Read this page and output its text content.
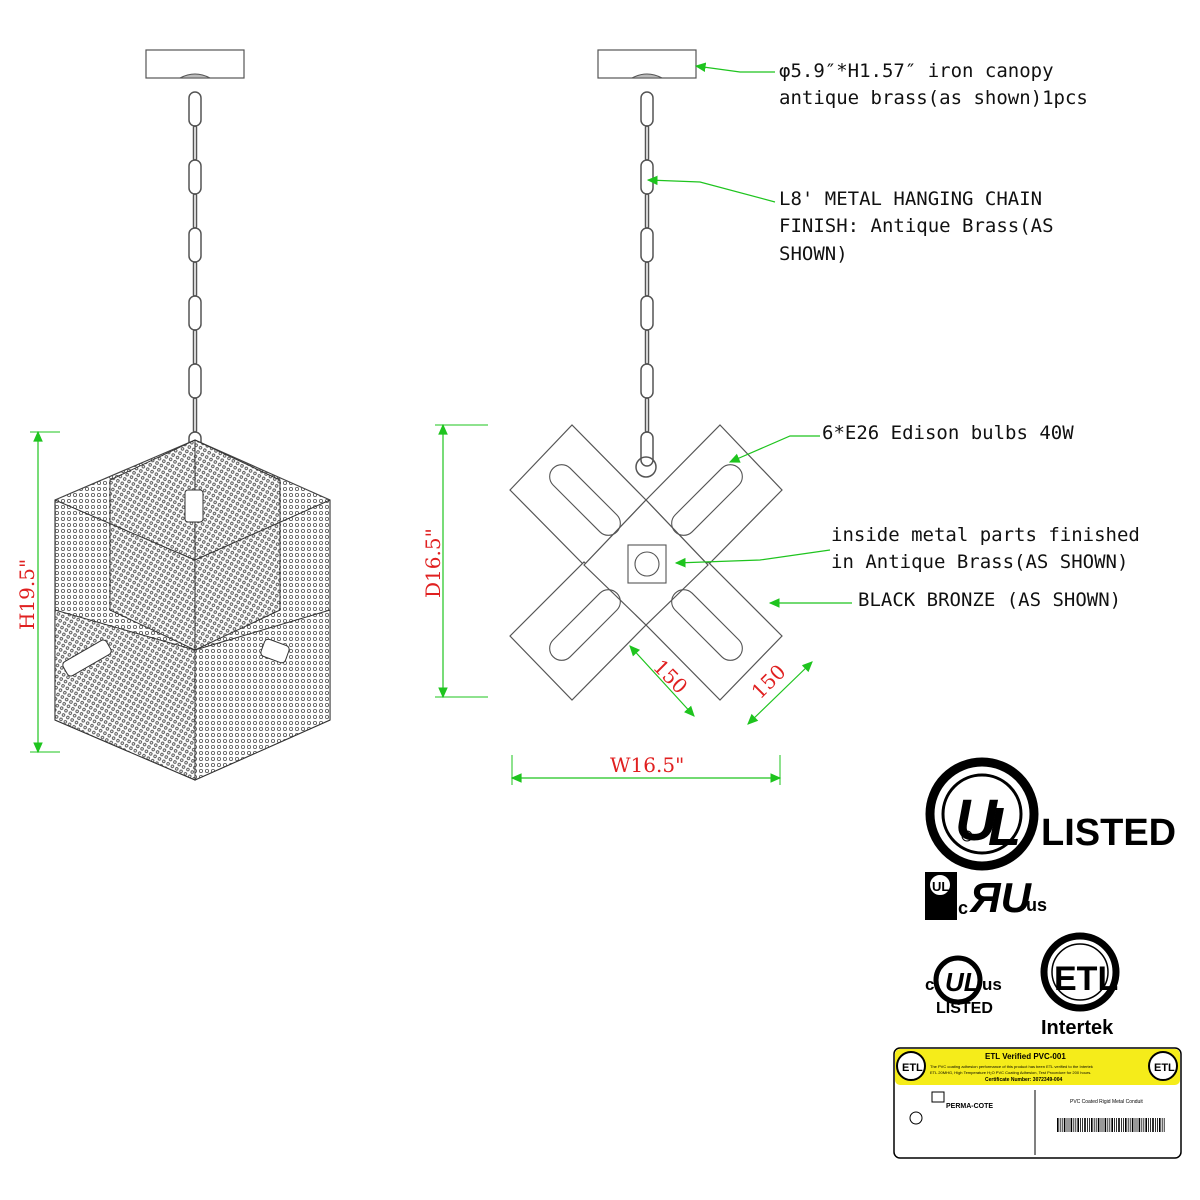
H19.5"	D16.5"
W16.5"
150	150
φ5.9″*H1.57″ iron canopy
antique brass(as shown)1pcs
L8' METAL HANGING CHAIN
FINISH: Antique Brass(AS
SHOWN)
6*E26 Edison bulbs 40W
inside metal parts finished
in Antique Brass(AS SHOWN)
BLACK BRONZE (AS SHOWN)
U
L LISTED
UL
c ЯU
us
c UL us
LISTED
ETL
Intertek
ETL	ETL
ETL Verified PVC-001
The PVC coating adhesion performance of this product has been ETL verified to the Intertek
ETL 20MHG, High Temperature H₂O PVC Coating Adhesion, Test Procedure for 200 hours.
Certificate Number: 3072349-004
PERMA-COTE
PVC Coated Rigid Metal Conduit
